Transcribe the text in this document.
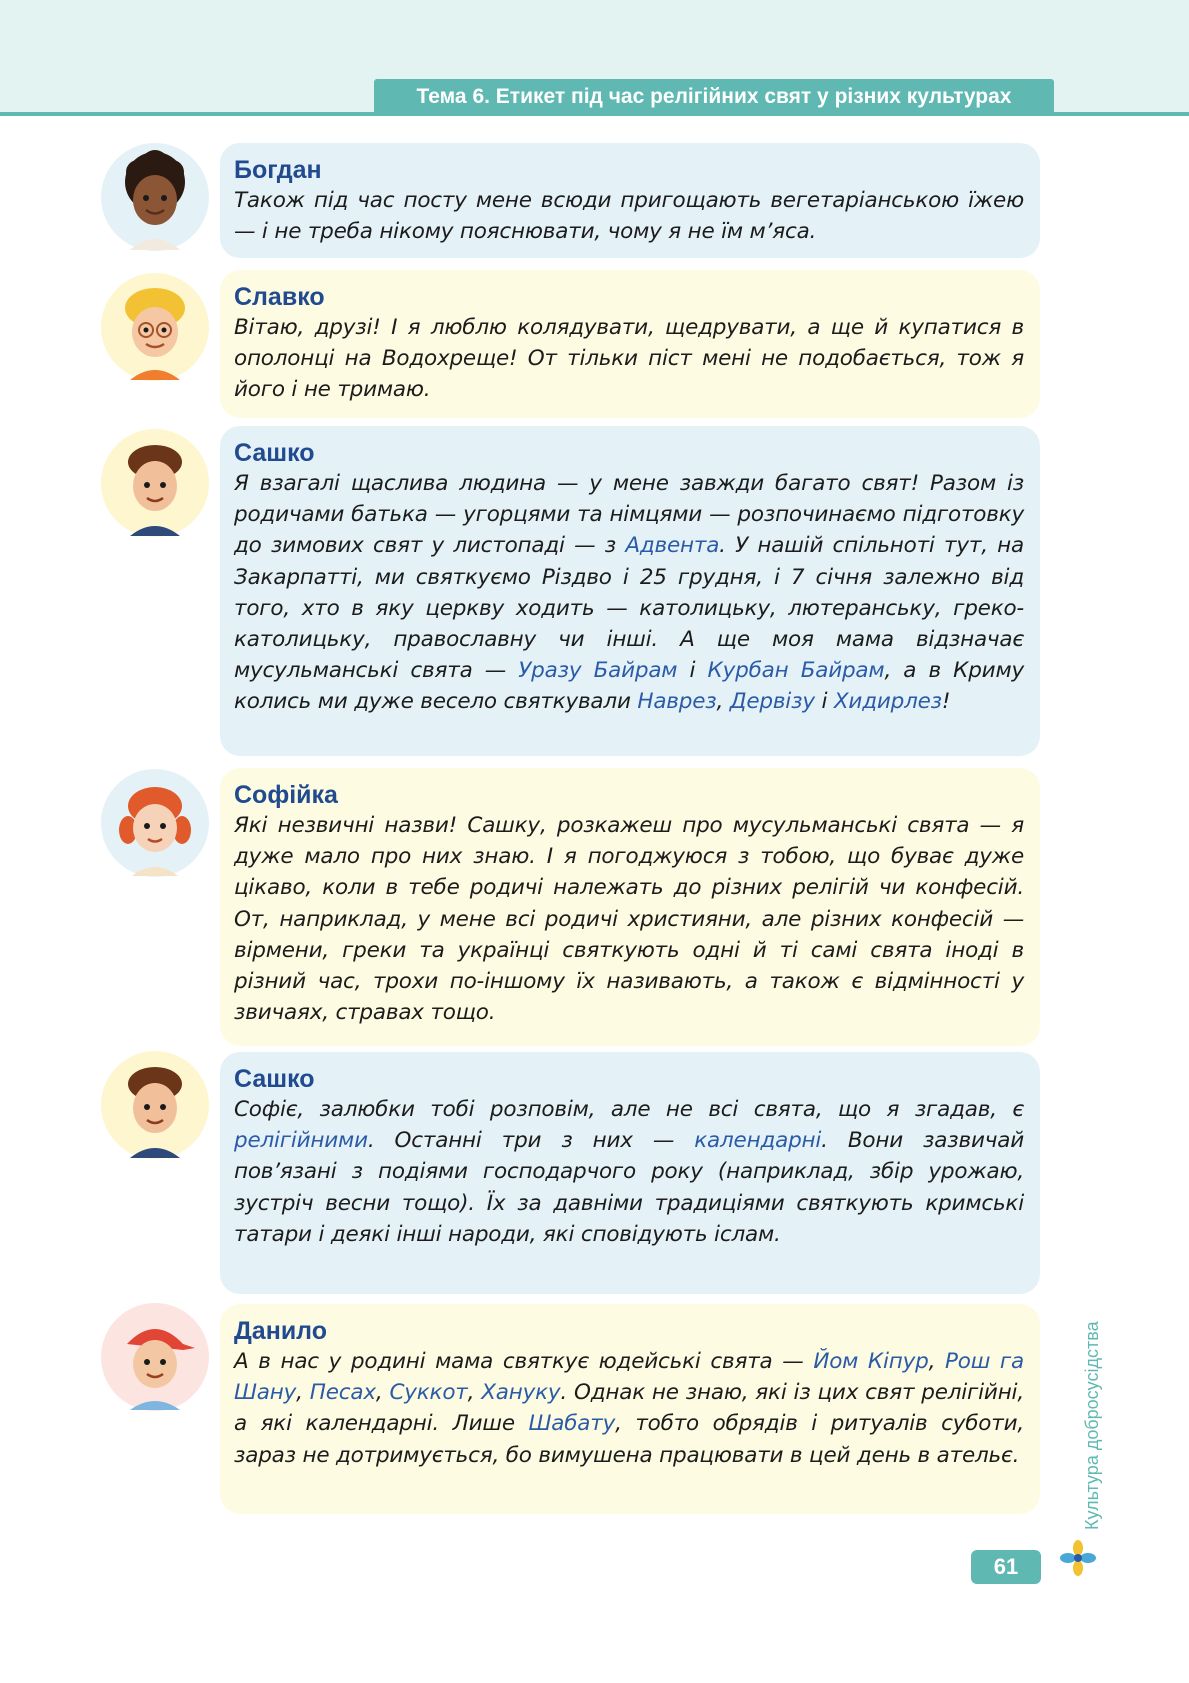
Тема 6. Етикет під час релігійних свят у різних культурах
Богдан
Також під час посту мене всюди пригощають вегетаріанською їжею — і не треба нікому пояснювати, чому я не їм м’яса.
Славко
Вітаю, друзі! І я люблю колядувати, щедрувати, а ще й купатися в ополонці на Водохреще! От тільки піст мені не подобається, тож я його і не тримаю.
Сашко
Я взагалі щаслива людина — у мене завжди багато свят! Разом із родичами батька — угорцями та німцями — розпочинаємо підготовку до зимових свят у листопаді — з Адвента. У нашій спільноті тут, на Закарпатті, ми святкуємо Різдво і 25 грудня, і 7 січня залежно від того, хто в яку церкву ходить — католицьку, лютеранську, греко-католицьку, православну чи інші. А ще моя мама відзначає мусульманські свята — Уразу Байрам і Курбан Байрам, а в Криму колись ми дуже весело святкували Наврез, Дервізу і Хидирлез!
Софійка
Які незвичні назви! Сашку, розкажеш про мусульманські свята — я дуже мало про них знаю. І я погоджуюся з тобою, що буває дуже цікаво, коли в тебе родичі належать до різних релігій чи конфесій. От, наприклад, у мене всі родичі християни, але різних конфесій — вірмени, греки та українці святкують одні й ті самі свята іноді в різний час, трохи по-іншому їх називають, а також є відмінності у звичаях, стравах тощо.
Сашко
Софіє, залюбки тобі розповім, але не всі свята, що я згадав, є релігійними. Останні три з них — календарні. Вони зазвичай пов’язані з подіями господарчого року (наприклад, збір урожаю, зустріч весни тощо). Їх за давніми традиціями святкують кримські татари і деякі інші народи, які сповідують іслам.
Данило
А в нас у родині мама святкує юдейські свята — Йом Кіпур, Рош га Шану, Песах, Суккот, Хануку. Однак не знаю, які із цих свят релігійні, а які календарні. Лише Шабату, тобто обрядів і ритуалів суботи, зараз не дотримується, бо вимушена працювати в цей день в ательє.	Культура добросусідства
61
